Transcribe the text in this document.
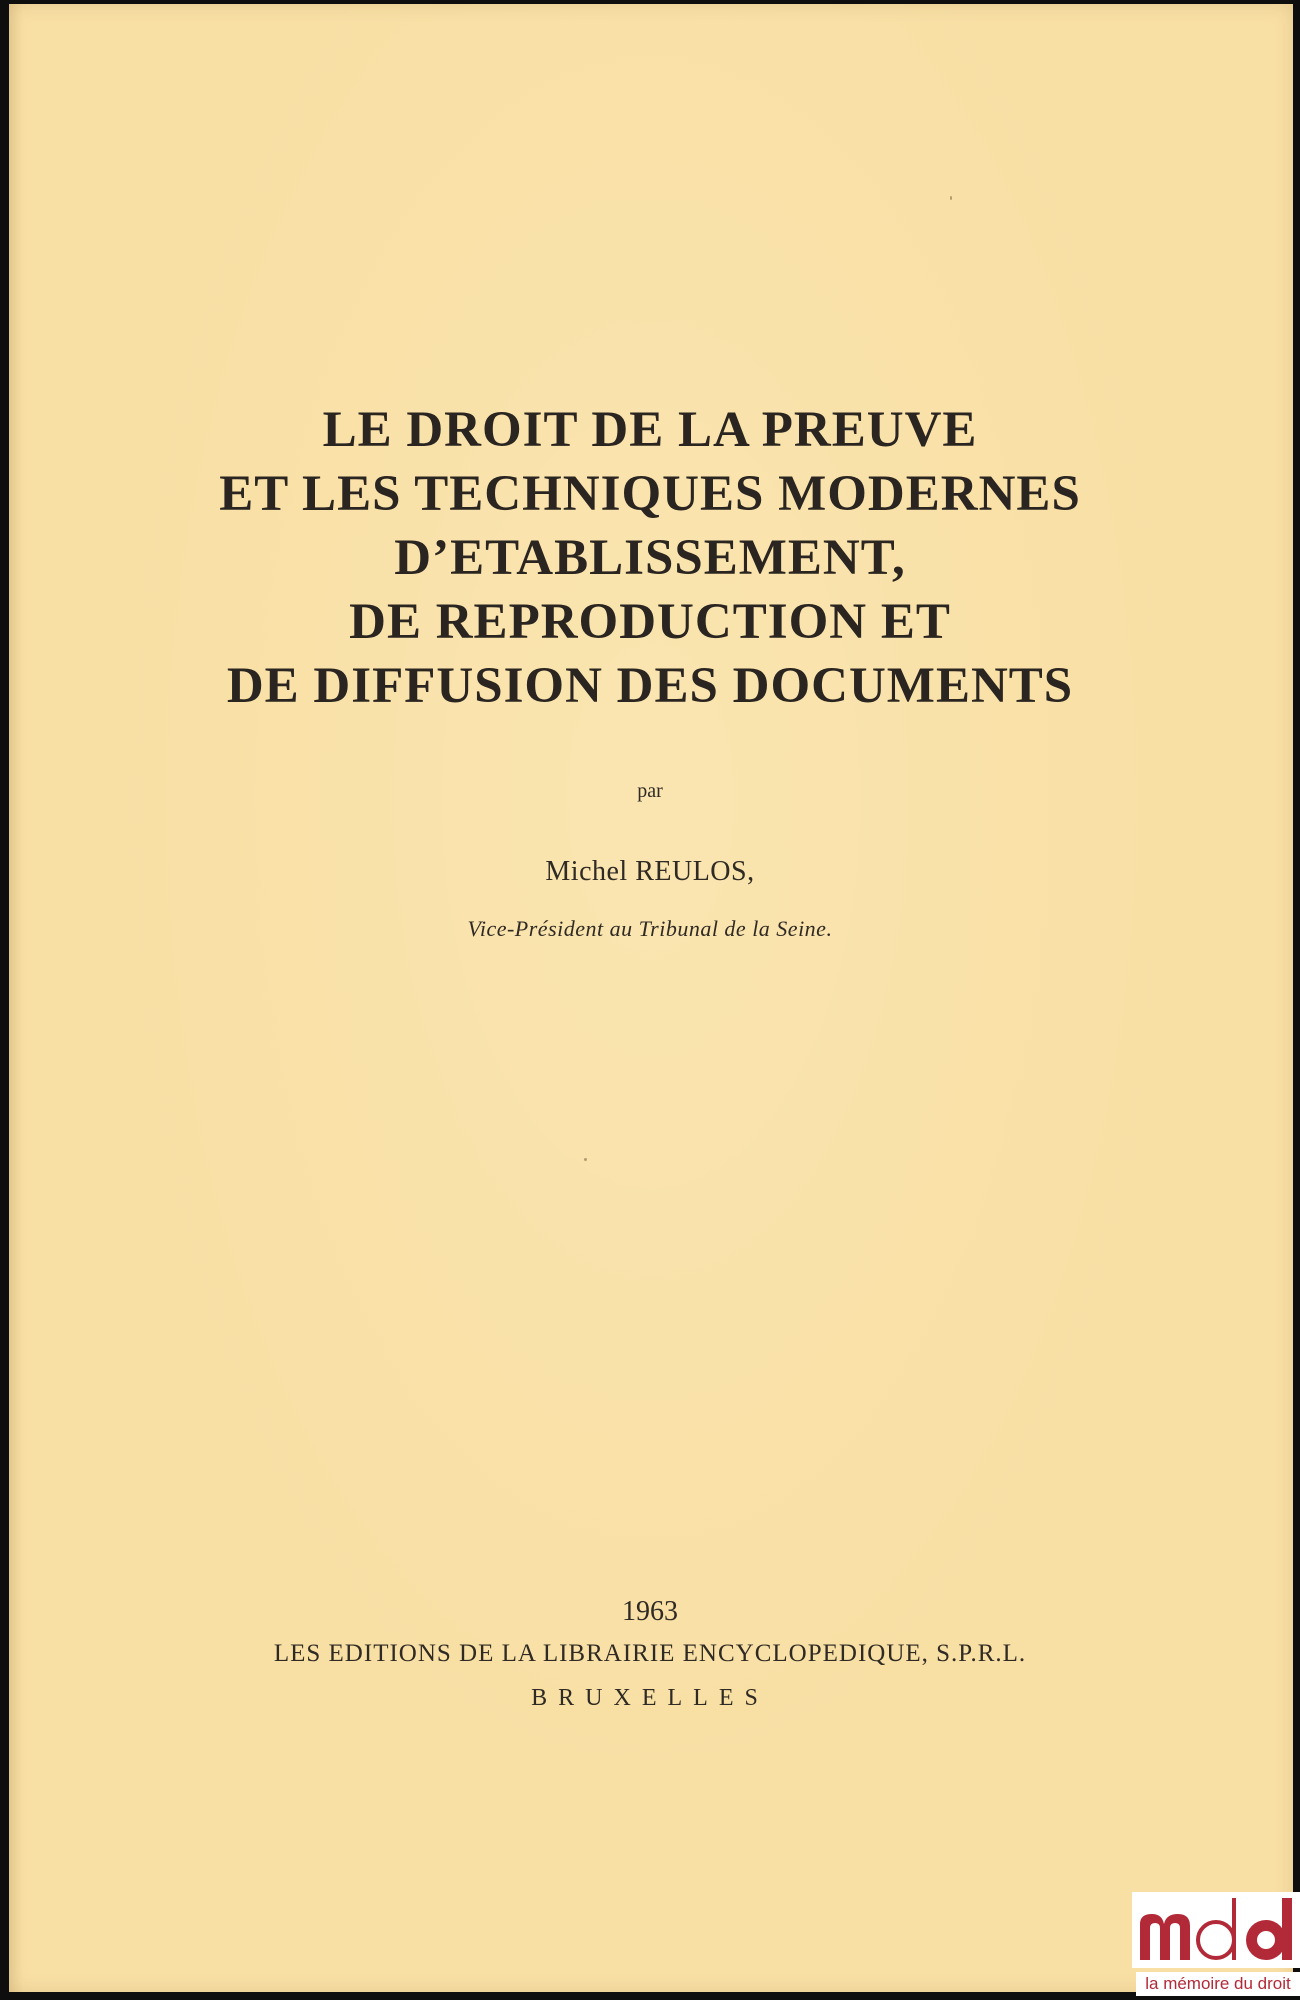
LE DROIT DE LA PREUVE
ET LES TECHNIQUES MODERNES
D’ETABLISSEMENT,
DE REPRODUCTION ET
DE DIFFUSION DES DOCUMENTS
par
Michel REULOS,
Vice-Président au Tribunal de la Seine.
1963
LES EDITIONS DE LA LIBRAIRIE ENCYCLOPEDIQUE, S.P.R.L.
BRUXELLES
la mémoire du droit
